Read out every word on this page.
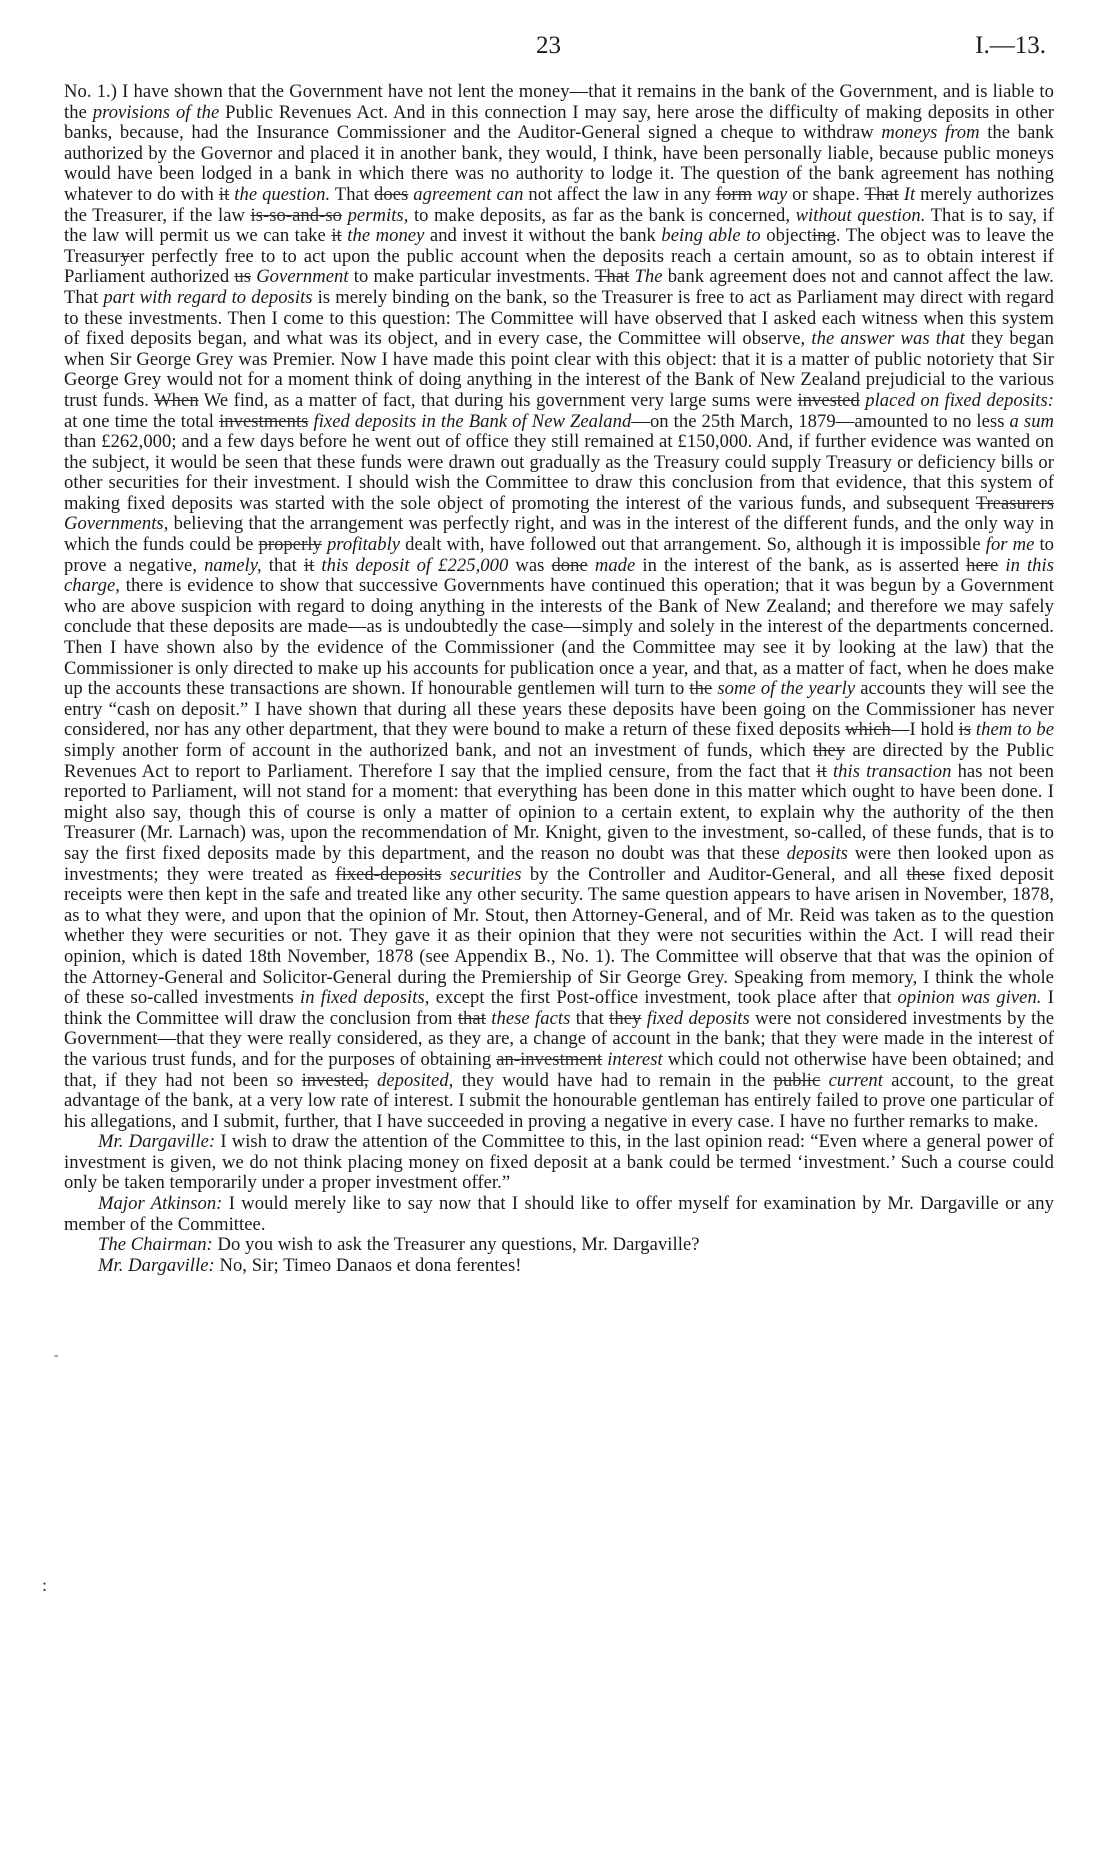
23	I.—13.
-
:

No. 1.) I have shown that the Government have not lent the money—that it remains in the bank of the Government, and is liable to the provisions of the Public Revenues Act. And in this connection I may say, here arose the difficulty of making deposits in other banks, because, had the Insurance Commissioner and the Auditor-General signed a cheque to withdraw moneys from the bank authorized by the Governor and placed it in another bank, they would, I think, have been personally liable, because public moneys would have been lodged in a bank in which there was no authority to lodge it. The question of the bank agreement has nothing whatever to do with it the question. That does agreement can not affect the law in any form way or shape. That It merely authorizes the Treasurer, if the law is-so-and-so permits, to make deposits, as far as the bank is concerned, without question. That is to say, if the law will permit us we can take it the money and invest it without the bank being able to objecting. The object was to leave the Treasuryer perfectly free to to act upon the public account when the deposits reach a certain amount, so as to obtain interest if Parliament authorized us Government to make particular investments. That The bank agreement does not and cannot affect the law. That part with regard to deposits is merely binding on the bank, so the Treasurer is free to act as Parliament may direct with regard to these investments. Then I come to this question: The Committee will have observed that I asked each witness when this system of fixed deposits began, and what was its object, and in every case, the Committee will observe, the answer was that they began when Sir George Grey was Premier. Now I have made this point clear with this object: that it is a matter of public notoriety that Sir George Grey would not for a moment think of doing anything in the interest of the Bank of New Zealand prejudicial to the various trust funds. When We find, as a matter of fact, that during his government very large sums were invested placed on fixed deposits: at one time the total investments fixed deposits in the Bank of New Zealand—on the 25th March, 1879—amounted to no less a sum than £262,000; and a few days before he went out of office they still remained at £150,000. And, if further evidence was wanted on the subject, it would be seen that these funds were drawn out gradually as the Treasury could supply Treasury or deficiency bills or other securities for their investment. I should wish the Committee to draw this conclusion from that evidence, that this system of making fixed deposits was started with the sole object of promoting the interest of the various funds, and subsequent Treasurers Governments, believing that the arrangement was perfectly right, and was in the interest of the different funds, and the only way in which the funds could be properly profitably dealt with, have followed out that arrangement. So, although it is impossible for me to prove a negative, namely, that it this deposit of £225,000 was done made in the interest of the bank, as is asserted here in this charge, there is evidence to show that successive Governments have continued this operation; that it was begun by a Government who are above suspicion with regard to doing anything in the interests of the Bank of New Zealand; and therefore we may safely conclude that these deposits are made—as is undoubtedly the case—simply and solely in the interest of the departments concerned. Then I have shown also by the evidence of the Commissioner (and the Committee may see it by looking at the law) that the Commissioner is only directed to make up his accounts for publication once a year, and that, as a matter of fact, when he does make up the accounts these transactions are shown. If honourable gentlemen will turn to the some of the yearly accounts they will see the entry “cash on deposit.” I have shown that during all these years these deposits have been going on the Commissioner has never considered, nor has any other department, that they were bound to make a return of these fixed deposits which—I hold is them to be simply another form of account in the authorized bank, and not an investment of funds, which they are directed by the Public Revenues Act to report to Parliament. Therefore I say that the implied censure, from the fact that it this transaction has not been reported to Parliament, will not stand for a moment: that everything has been done in this matter which ought to have been done. I might also say, though this of course is only a matter of opinion to a certain extent, to explain why the authority of the then Treasurer (Mr. Larnach) was, upon the recommendation of Mr. Knight, given to the investment, so-called, of these funds, that is to say the first fixed deposits made by this department, and the reason no doubt was that these deposits were then looked upon as investments; they were treated as fixed-deposits securities by the Controller and Auditor-General, and all these fixed deposit receipts were then kept in the safe and treated like any other security. The same question appears to have arisen in November, 1878, as to what they were, and upon that the opinion of Mr. Stout, then Attorney-General, and of Mr. Reid was taken as to the question whether they were securities or not. They gave it as their opinion that they were not securities within the Act. I will read their opinion, which is dated 18th November, 1878 (see Appendix B., No. 1). The Committee will observe that that was the opinion of the Attorney-General and Solicitor-General during the Premiership of Sir George Grey. Speaking from memory, I think the whole of these so-called investments in fixed deposits, except the first Post-office investment, took place after that opinion was given. I think the Committee will draw the conclusion from that these facts that they fixed deposits were not considered investments by the Government—that they were really considered, as they are, a change of account in the bank; that they were made in the interest of the various trust funds, and for the purposes of obtaining an-investment interest which could not otherwise have been obtained; and that, if they had not been so invested, deposited, they would have had to remain in the public current account, to the great advantage of the bank, at a very low rate of interest. I submit the honourable gentleman has entirely failed to prove one particular of his allegations, and I submit, further, that I have succeeded in proving a negative in every case. I have no further remarks to make.

Mr. Dargaville: I wish to draw the attention of the Committee to this, in the last opinion read: “Even where a general power of investment is given, we do not think placing money on fixed deposit at a bank could be termed ‘investment.’ Such a course could only be taken temporarily under a proper investment offer.”

Major Atkinson: I would merely like to say now that I should like to offer myself for examination by Mr. Dargaville or any member of the Committee.

The Chairman: Do you wish to ask the Treasurer any questions, Mr. Dargaville?

Mr. Dargaville: No, Sir; Timeo Danaos et dona ferentes!
